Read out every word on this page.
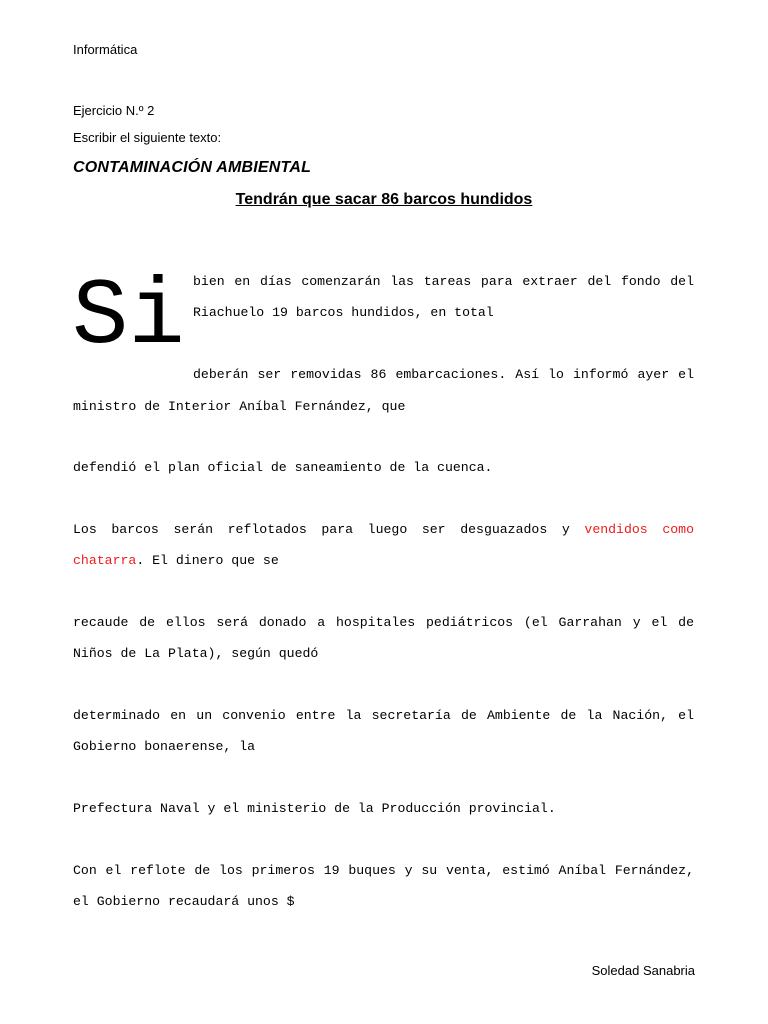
Informática
Ejercicio N.º 2
Escribir el siguiente texto:
CONTAMINACIÓN AMBIENTAL
Tendrán que sacar 86 barcos hundidos
Si bien en días comenzarán las tareas para extraer del fondo del

Riachuelo 19 barcos hundidos, en total

deberán ser removidas 86 embarcaciones. Así lo informó ayer el

ministro de Interior Aníbal Fernández, que

defendió el plan oficial de saneamiento de la cuenca.

Los barcos serán reflotados para luego ser desguazados y vendidos como chatarra. El dinero que se

recaude de ellos será donado a hospitales pediátricos (el Garrahan y el de Niños de La Plata), según quedó

determinado en un convenio entre la secretaría de Ambiente de la Nación, el Gobierno bonaerense, la

Prefectura Naval y el ministerio de la Producción provincial.

Con el reflote de los primeros 19 buques y su venta, estimó Aníbal Fernández, el Gobierno recaudará unos $

Soledad Sanabria
